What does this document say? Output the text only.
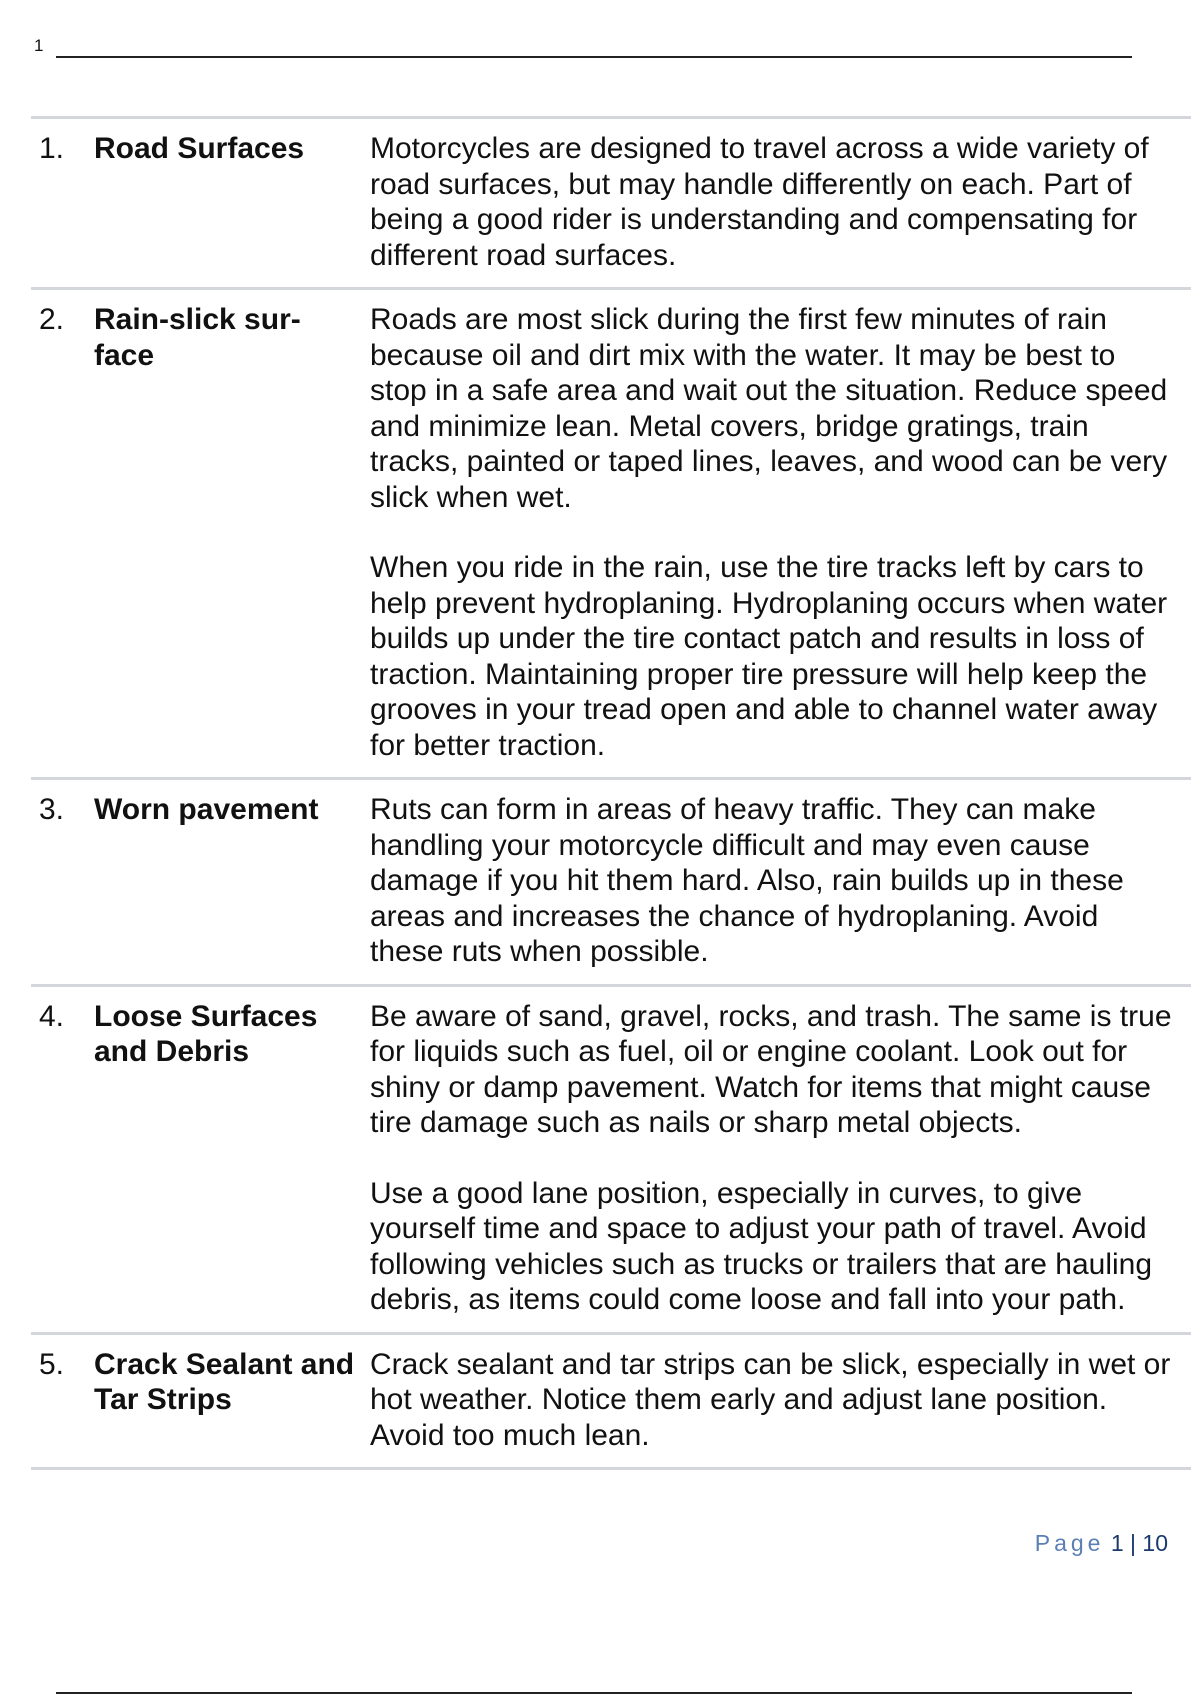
1
1. Road Surfaces	Motorcycles are designed to travel across a wide variety of road surfaces, but may handle differently on each. Part of being a good rider is understanding and compensating for different road surfaces.

2. Rain-slick sur-
face

Roads are most slick during the first few minutes of rain because oil and dirt mix with the water. It may be best to stop in a safe area and wait out the situation. Reduce speed and minimize lean. Metal covers, bridge gratings, train tracks, painted or taped lines, leaves, and wood can be very slick when wet.

When you ride in the rain, use the tire tracks left by cars to help prevent hydroplaning. Hydroplaning occurs when water builds up under the tire contact patch and results in loss of traction. Maintaining proper tire pressure will help keep the grooves in your tread open and able to channel water away for better traction.

3. Worn pavement	Ruts can form in areas of heavy traffic. They can make handling your motorcycle difficult and may even cause damage if you hit them hard. Also, rain builds up in these areas and increases the chance of hydroplaning. Avoid these ruts when possible.

4. Loose Surfaces and Debris

Be aware of sand, gravel, rocks, and trash. The same is true for liquids such as fuel, oil or engine coolant. Look out for shiny or damp pavement. Watch for items that might cause tire damage such as nails or sharp metal objects.

Use a good lane position, especially in curves, to give yourself time and space to adjust your path of travel. Avoid following vehicles such as trucks or trailers that are hauling debris, as items could come loose and fall into your path.

5. Crack Sealant and Tar Strips

Crack sealant and tar strips can be slick, especially in wet or hot weather. Notice them early and adjust lane position. Avoid too much lean.

Page 1 | 10
